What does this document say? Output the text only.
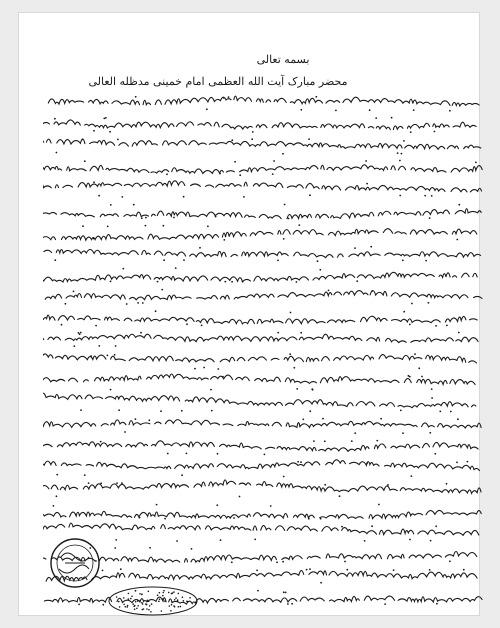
بسمه تعالی
محضر مبارک آیت الله العظمی امام خمینی مدظله العالی
